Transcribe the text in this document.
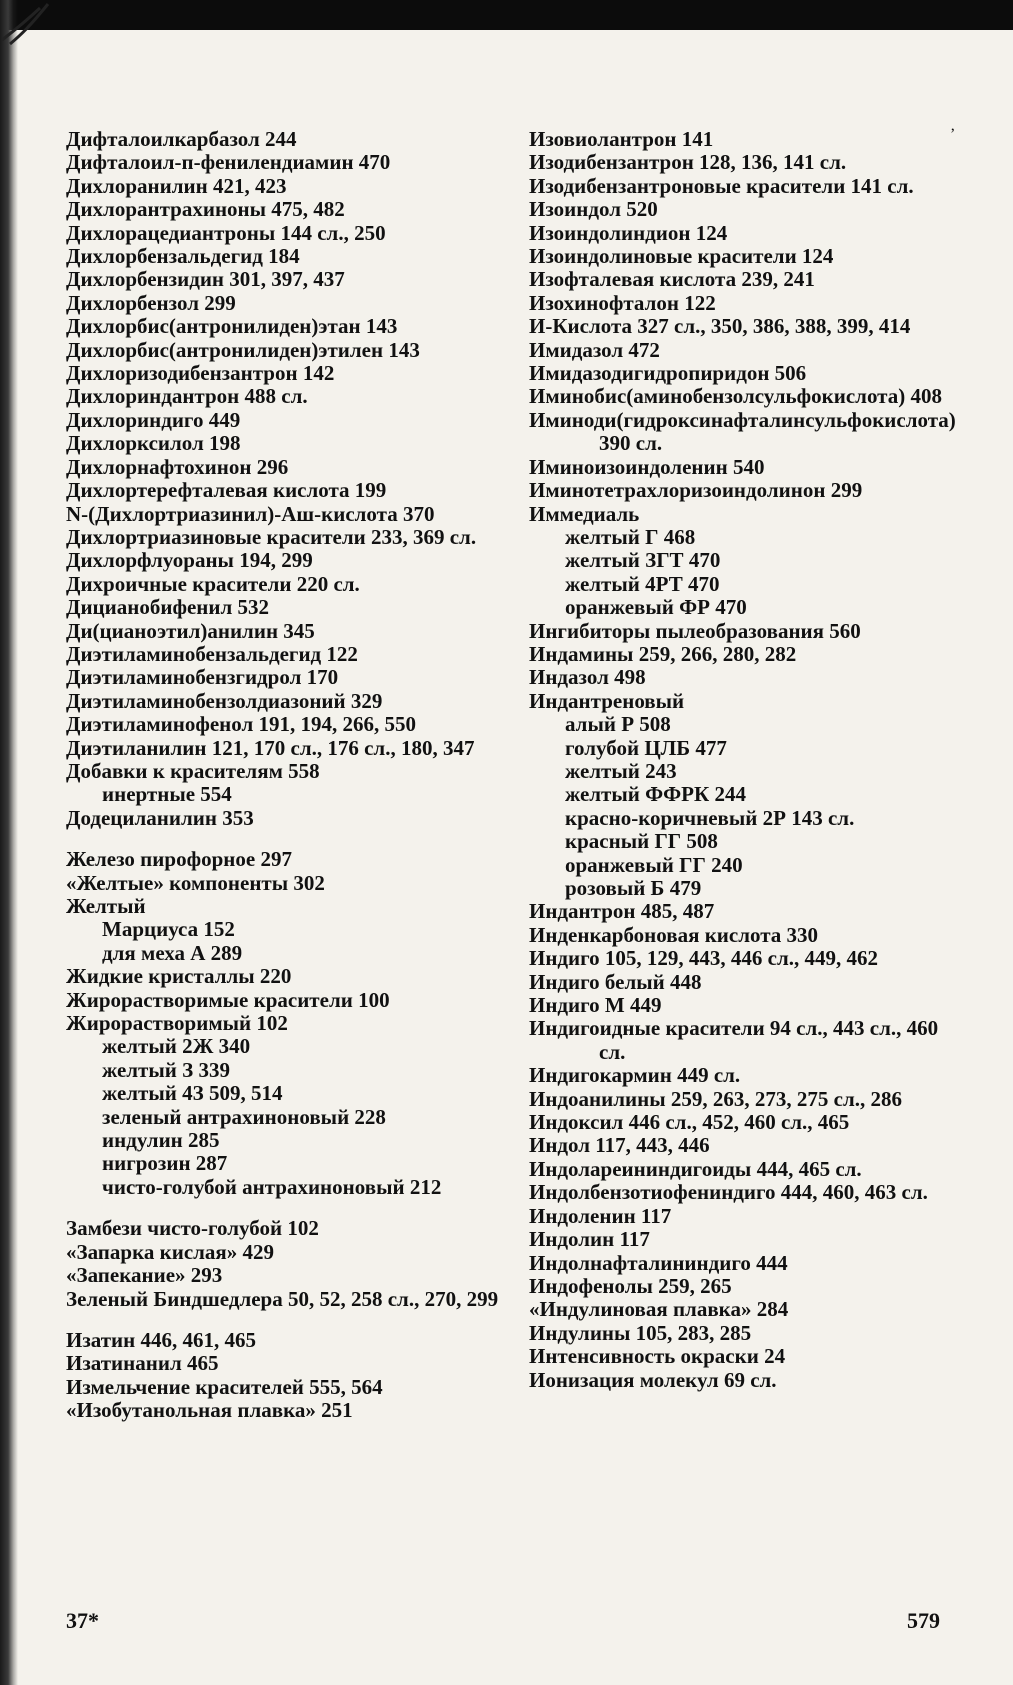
Дифталоилкарбазол 244
Дифталоил-п-фенилендиамин 470
Дихлоранилин 421, 423
Дихлорантрахиноны 475, 482
Дихлорацедиантроны 144 сл., 250
Дихлорбензальдегид 184
Дихлорбензидин 301, 397, 437
Дихлорбензол 299
Дихлорбис(антронилиден)этан 143
Дихлорбис(антронилиден)этилен 143
Дихлоризодибензантрон 142
Дихлориндантрон 488 сл.
Дихлориндиго 449
Дихлорксилол 198
Дихлорнафтохинон 296
Дихлортерефталевая кислота 199
N-(Дихлортриазинил)-Аш-кислота 370
Дихлортриазиновые красители 233, 369 сл.
Дихлорфлуораны 194, 299
Дихроичные красители 220 сл.
Дицианобифенил 532
Ди(цианоэтил)анилин 345
Диэтиламинобензальдегид 122
Диэтиламинобензгидрол 170
Диэтиламинобензолдиазоний 329
Диэтиламинофенол 191, 194, 266, 550
Диэтиланилин 121, 170 сл., 176 сл., 180, 347
Добавки к красителям 558
инертные 554
Додециланилин 353
Железо пирофорное 297
«Желтые» компоненты 302
Желтый
Марциуса 152
для меха А 289
Жидкие кристаллы 220
Жирорастворимые красители 100
Жирорастворимый 102
желтый 2Ж 340
желтый З 339
желтый 4З 509, 514
зеленый антрахиноновый 228
индулин 285
нигрозин 287
чисто-голубой антрахиноновый 212
Замбези чисто-голубой 102
«Запарка кислая» 429
«Запекание» 293
Зеленый Биндшедлера 50, 52, 258 сл., 270, 299
Изатин 446, 461, 465
Изатинанил 465
Измельчение красителей 555, 564
«Изобутанольная плавка» 251
Изовиолантрон 141
Изодибензантрон 128, 136, 141 сл.
Изодибензантроновые красители 141 сл.
Изоиндол 520
Изоиндолиндион 124
Изоиндолиновые красители 124
Изофталевая кислота 239, 241
Изохинофталон 122
И-Кислота 327 сл., 350, 386, 388, 399, 414
Имидазол 472
Имидазодигидропиридон 506
Иминобис(аминобензолсульфокислота) 408
Иминоди(гидроксинафталинсульфокислота) 390 сл.
Иминоизоиндоленин 540
Иминотетрахлоризоиндолинон 299
Иммедиаль
желтый Г 468
желтый ЗГТ 470
желтый 4РТ 470
оранжевый ФР 470
Ингибиторы пылеобразования 560
Индамины 259, 266, 280, 282
Индазол 498
Индантреновый
алый Р 508
голубой ЦЛБ 477
желтый 243
желтый ФФРК 244
красно-коричневый 2Р 143 сл.
красный ГГ 508
оранжевый ГГ 240
розовый Б 479
Индантрон 485, 487
Инденкарбоновая кислота 330
Индиго 105, 129, 443, 446 сл., 449, 462
Индиго белый 448
Индиго М 449
Индигоидные красители 94 сл., 443 сл., 460 сл.
Индигокармин 449 сл.
Индоанилины 259, 263, 273, 275 сл., 286
Индоксил 446 сл., 452, 460 сл., 465
Индол 117, 443, 446
Индолареининдигоиды 444, 465 сл.
Индолбензотиофениндиго 444, 460, 463 сл.
Индоленин 117
Индолин 117
Индолнафталининдиго 444
Индофенолы 259, 265
«Индулиновая плавка» 284
Индулины 105, 283, 285
Интенсивность окраски 24
Ионизация молекул 69 сл.
’
37*	579
